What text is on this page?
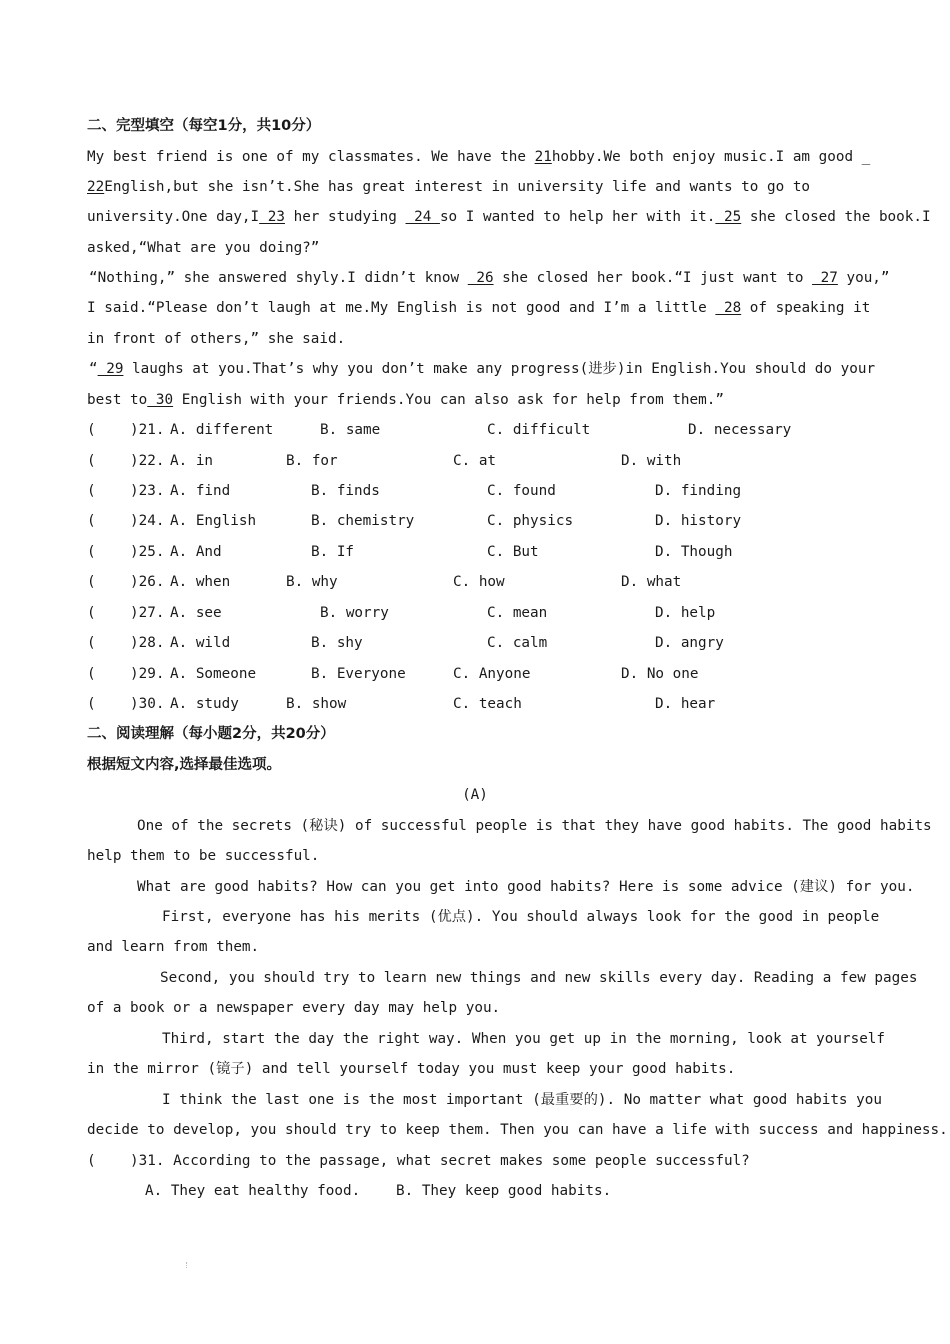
二、完型填空（每空1分，共10分）
My best friend is one of my classmates. We have the 21hobby.We both enjoy music.I am good _
22English,but she isn’t.She has great interest in university life and wants to go to
university.One day,I 23 her studying  24 so I wanted to help her with it. 25 she closed the book.I
asked,“What are you doing?”
“Nothing,” she answered shyly.I didn’t know  26 she closed her book.“I just want to  27 you,”
I said.“Please don’t laugh at me.My English is not good and I’m a little  28 of speaking it
in front of others,” she said.
“ 29 laughs at you.That’s why you don’t make any progress(进步)in English.You should do your
best to 30 English with your friends.You can also ask for help from them.”
(    )21. A. different	B. same	C. difficult	D. necessary
(    )22. A. in	B. for	C. at	D. with
(    )23. A. find	B. finds	C. found	D. finding
(    )24. A. English	B. chemistry	C. physics	D. history
(    )25. A. And	B. If	C. But	D. Though
(    )26. A. when	B. why	C. how	D. what
(    )27. A. see	B. worry	C. mean	D. help
(    )28. A. wild	B. shy	C. calm	D. angry
(    )29. A. Someone	B. Everyone	C. Anyone	D. No one
(    )30. A. study	B. show	C. teach	D. hear
二、阅读理解（每小题2分，共20分）
根据短文内容,选择最佳选项。
(A)
One of the secrets (秘诀) of successful people is that they have good habits. The good habits
help them to be successful.
What are good habits? How can you get into good habits? Here is some advice (建议) for you.
First, everyone has his merits (优点). You should always look for the good in people
and learn from them.
Second, you should try to learn new things and new skills every day. Reading a few pages
of a book or a newspaper every day may help you.
Third, start the day the right way. When you get up in the morning, look at yourself
in the mirror (镜子) and tell yourself today you must keep your good habits.
I think the last one is the most important (最重要的). No matter what good habits you
decide to develop, you should try to keep them. Then you can have a life with success and happiness.
(    )31. According to the passage, what secret makes some people successful?
A. They eat healthy food.	B. They keep good habits.
